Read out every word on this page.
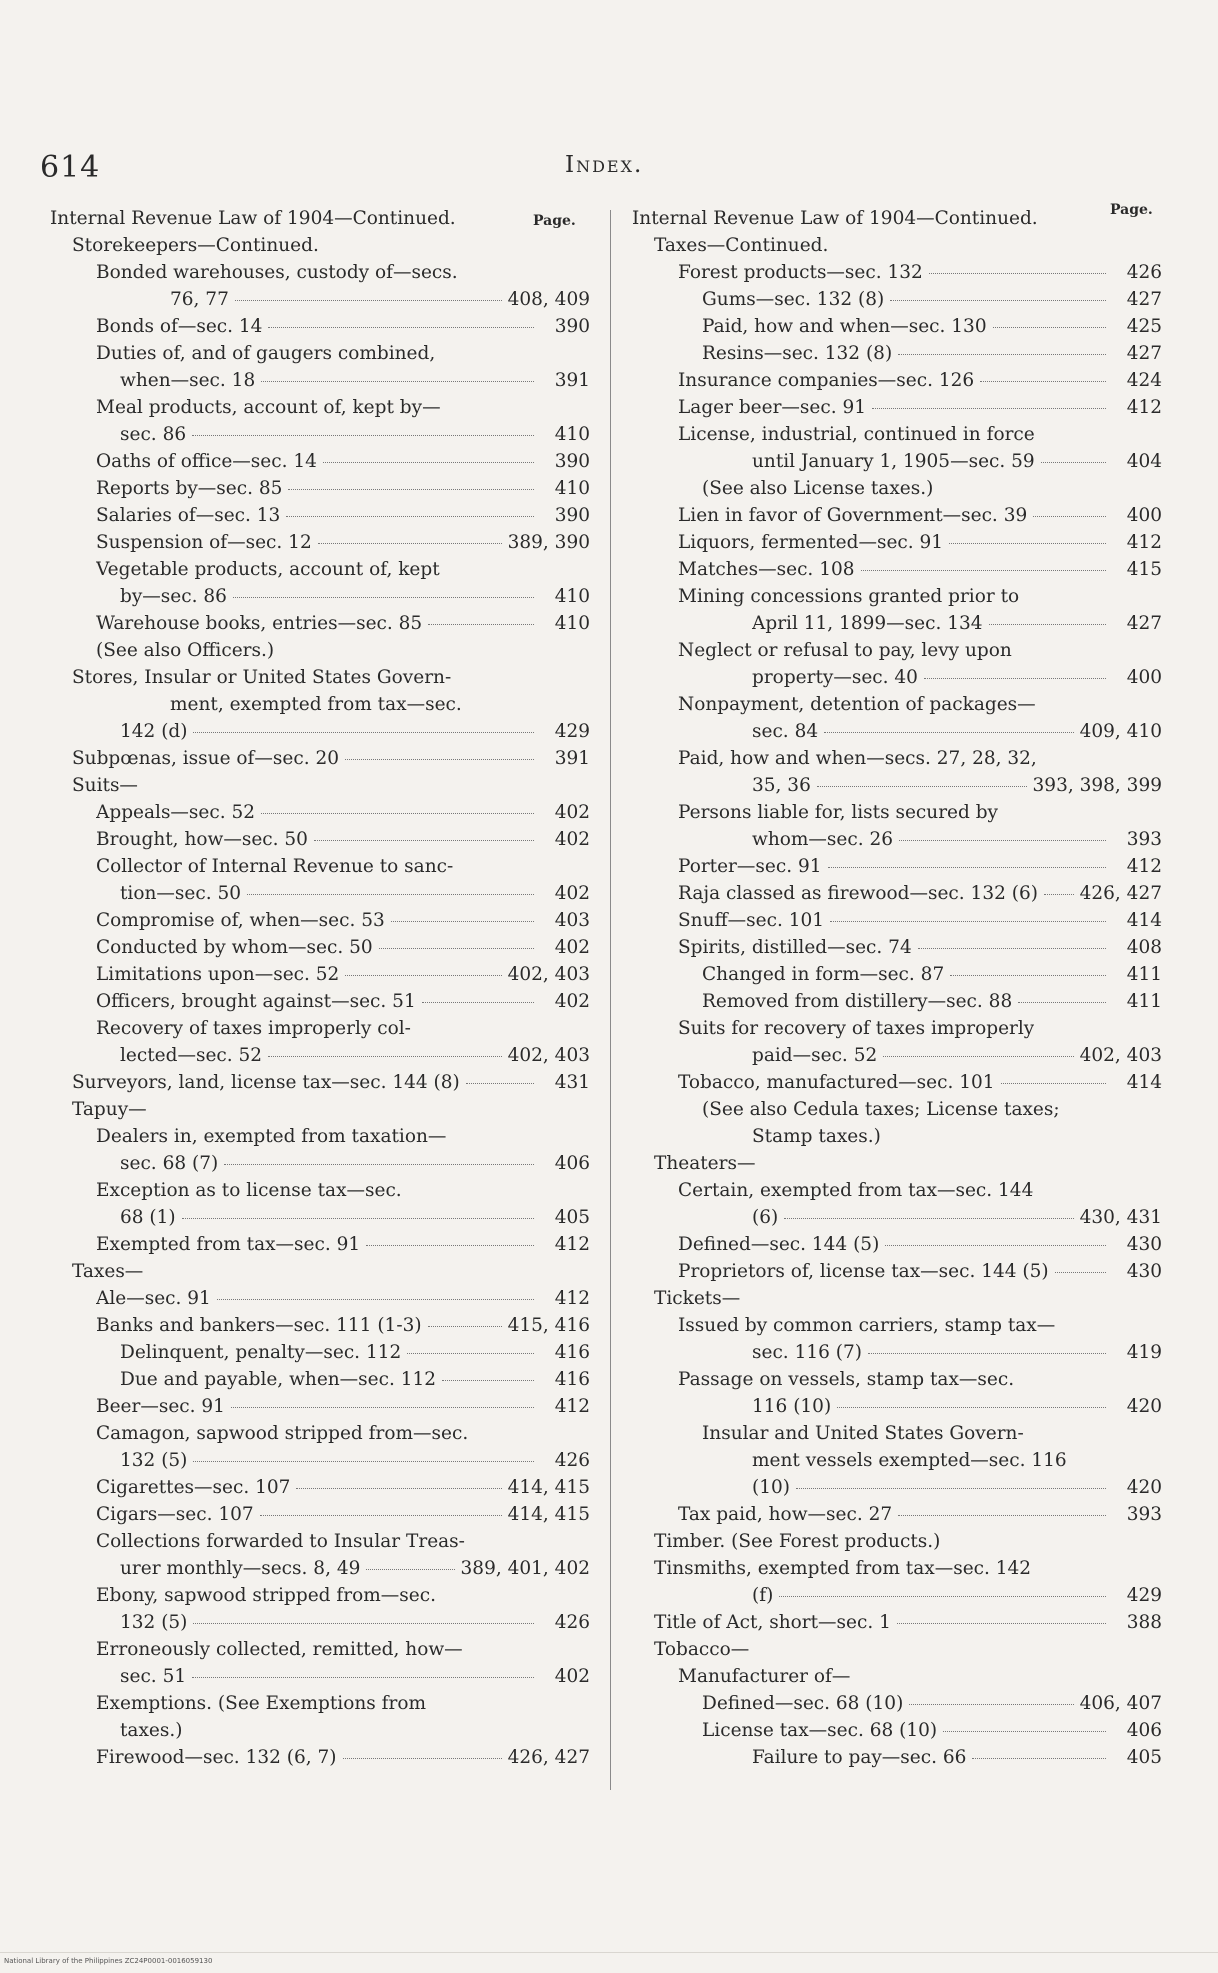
614	Index.
Page.
Internal Revenue Law of 1904—Continued.
Storekeepers—Continued.
Bonded warehouses, custody of—secs.
76, 77	408, 409
Bonds of—sec. 14	390
Duties of, and of gaugers combined,
when—sec. 18	391
Meal products, account of, kept by—
sec. 86	410
Oaths of office—sec. 14	390
Reports by—sec. 85	410
Salaries of—sec. 13	390
Suspension of—sec. 12	389, 390
Vegetable products, account of, kept
by—sec. 86	410
Warehouse books, entries—sec. 85	410
(See also Officers.)
Stores, Insular or United States Govern-
ment, exempted from tax—sec.
142 (d)	429
Subpœnas, issue of—sec. 20	391
Suits—
Appeals—sec. 52	402
Brought, how—sec. 50	402
Collector of Internal Revenue to sanc-
tion—sec. 50	402
Compromise of, when—sec. 53	403
Conducted by whom—sec. 50	402
Limitations upon—sec. 52	402, 403
Officers, brought against—sec. 51	402
Recovery of taxes improperly col-
lected—sec. 52	402, 403
Surveyors, land, license tax—sec. 144 (8)	431
Tapuy—
Dealers in, exempted from taxation—
sec. 68 (7)	406
Exception as to license tax—sec.
68 (1)	405
Exempted from tax—sec. 91	412
Taxes—
Ale—sec. 91	412
Banks and bankers—sec. 111 (1-3)	415, 416
Delinquent, penalty—sec. 112	416
Due and payable, when—sec. 112	416
Beer—sec. 91	412
Camagon, sapwood stripped from—sec.
132 (5)	426
Cigarettes—sec. 107	414, 415
Cigars—sec. 107	414, 415
Collections forwarded to Insular Treas-
urer monthly—secs. 8, 49	389, 401, 402
Ebony, sapwood stripped from—sec.
132 (5)	426
Erroneously collected, remitted, how—
sec. 51	402
Exemptions. (See Exemptions from
taxes.)
Firewood—sec. 132 (6, 7)	426, 427
Page.
Internal Revenue Law of 1904—Continued.
Taxes—Continued.
Forest products—sec. 132	426
Gums—sec. 132 (8)	427
Paid, how and when—sec. 130	425
Resins—sec. 132 (8)	427
Insurance companies—sec. 126	424
Lager beer—sec. 91	412
License, industrial, continued in force
until January 1, 1905—sec. 59	404
(See also License taxes.)
Lien in favor of Government—sec. 39	400
Liquors, fermented—sec. 91	412
Matches—sec. 108	415
Mining concessions granted prior to
April 11, 1899—sec. 134	427
Neglect or refusal to pay, levy upon
property—sec. 40	400
Nonpayment, detention of packages—
sec. 84	409, 410
Paid, how and when—secs. 27, 28, 32,
35, 36	393, 398, 399
Persons liable for, lists secured by
whom—sec. 26	393
Porter—sec. 91	412
Raja classed as firewood—sec. 132 (6) 426, 427
Snuff—sec. 101	414
Spirits, distilled—sec. 74	408
Changed in form—sec. 87	411
Removed from distillery—sec. 88	411
Suits for recovery of taxes improperly
paid—sec. 52	402, 403
Tobacco, manufactured—sec. 101	414
(See also Cedula taxes; License taxes;
Stamp taxes.)
Theaters—
Certain, exempted from tax—sec. 144
(6)	430, 431
Defined—sec. 144 (5)	430
Proprietors of, license tax—sec. 144 (5)	430
Tickets—
Issued by common carriers, stamp tax—
sec. 116 (7)	419
Passage on vessels, stamp tax—sec.
116 (10)	420
Insular and United States Govern-
ment vessels exempted—sec. 116
(10)	420
Tax paid, how—sec. 27	393
Timber. (See Forest products.)
Tinsmiths, exempted from tax—sec. 142
(f)	429
Title of Act, short—sec. 1	388
Tobacco—
Manufacturer of—
Defined—sec. 68 (10)	406, 407
License tax—sec. 68 (10)	406
Failure to pay—sec. 66	405
National Library of the Philippines ZC24P0001-0016059130
